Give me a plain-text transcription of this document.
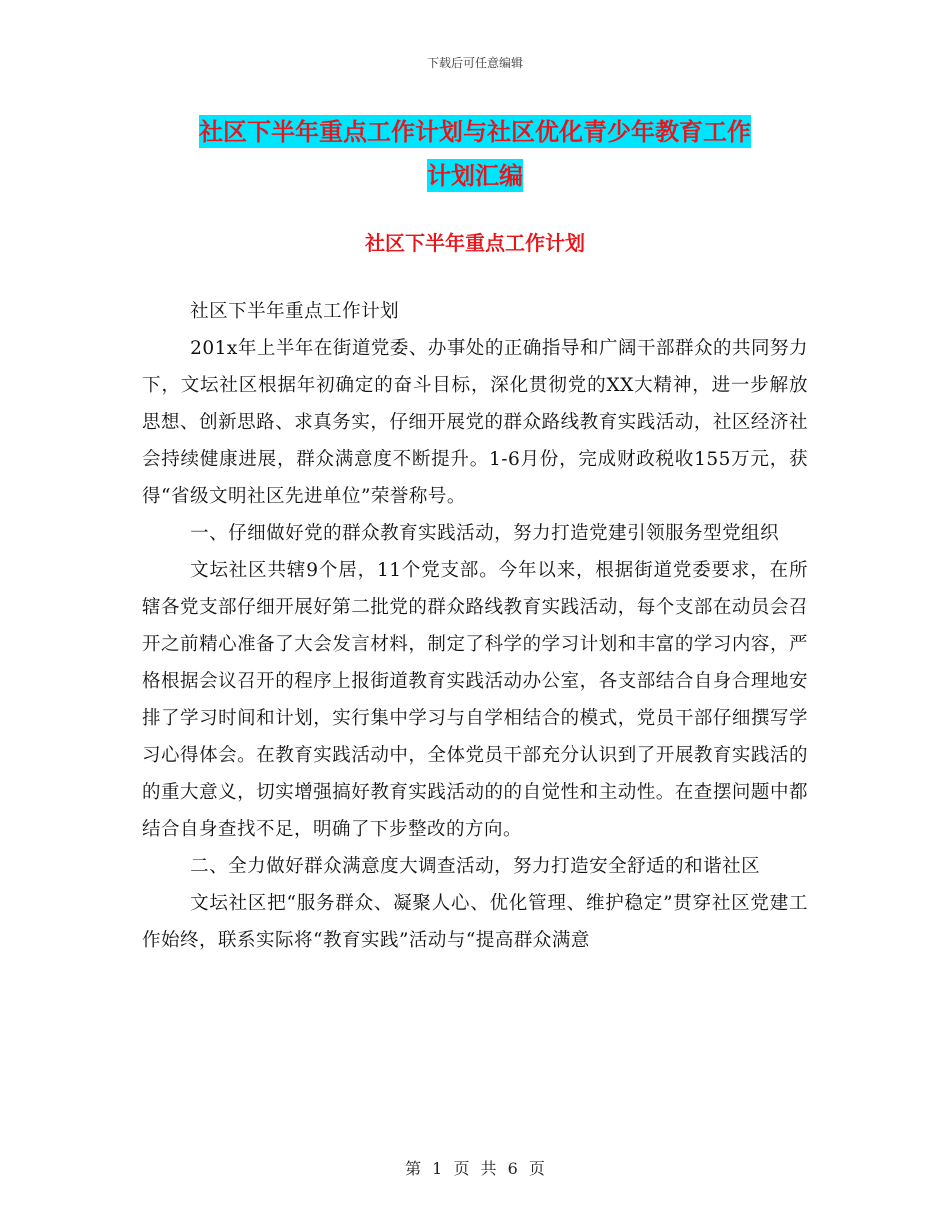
下载后可任意编辑
社区下半年重点工作计划与社区优化青少年教育工作
计划汇编
社区下半年重点工作计划

社区下半年重点工作计划

201x年上半年在街道党委、办事处的正确指导和广阔干部群众的共同努力下，文坛社区根据年初确定的奋斗目标，深化贯彻党的XX大精神，进一步解放思想、创新思路、求真务实，仔细开展党的群众路线教育实践活动，社区经济社会持续健康进展，群众满意度不断提升。1-6月份，完成财政税收155万元，获得“省级文明社区先进单位”荣誉称号。

一、仔细做好党的群众教育实践活动，努力打造党建引领服务型党组织

文坛社区共辖9个居，11个党支部。今年以来，根据街道党委要求，在所辖各党支部仔细开展好第二批党的群众路线教育实践活动，每个支部在动员会召开之前精心准备了大会发言材料，制定了科学的学习计划和丰富的学习内容，严格根据会议召开的程序上报街道教育实践活动办公室，各支部结合自身合理地安排了学习时间和计划，实行集中学习与自学相结合的模式，党员干部仔细撰写学习心得体会。在教育实践活动中，全体党员干部充分认识到了开展教育实践活的的重大意义，切实增强搞好教育实践活动的的自觉性和主动性。在查摆问题中都结合自身查找不足，明确了下步整改的方向。

二、全力做好群众满意度大调查活动，努力打造安全舒适的和谐社区

文坛社区把“服务群众、凝聚人心、优化管理、维护稳定”贯穿社区党建工作始终，联系实际将“教育实践”活动与“提高群众满意

第 1 页 共 6 页
